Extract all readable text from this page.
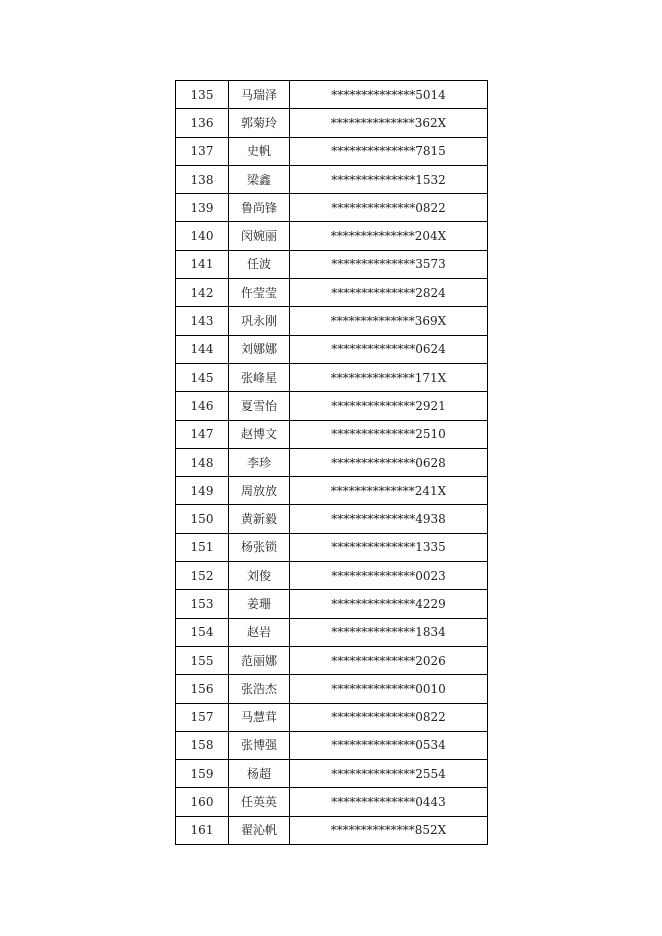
135	马瑞泽	**************5014
136	郭菊玲	**************362X
137	史帆	**************7815
138	梁鑫	**************1532
139	鲁尚锋	**************0822
140	闵婉丽	**************204X
141	任波	**************3573
142	仵莹莹	**************2824
143	巩永刚	**************369X
144	刘娜娜	**************0624
145	张峰星	**************171X
146	夏雪怡	**************2921
147	赵博文	**************2510
148	李珍	**************0628
149	周放放	**************241X
150	黄新毅	**************4938
151	杨张锁	**************1335
152	刘俊	**************0023
153	姜珊	**************4229
154	赵岩	**************1834
155	范丽娜	**************2026
156	张浩杰	**************0010
157	马慧茸	**************0822
158	张博强	**************0534
159	杨超	**************2554
160	任英英	**************0443
161	翟沁帆	**************852X
